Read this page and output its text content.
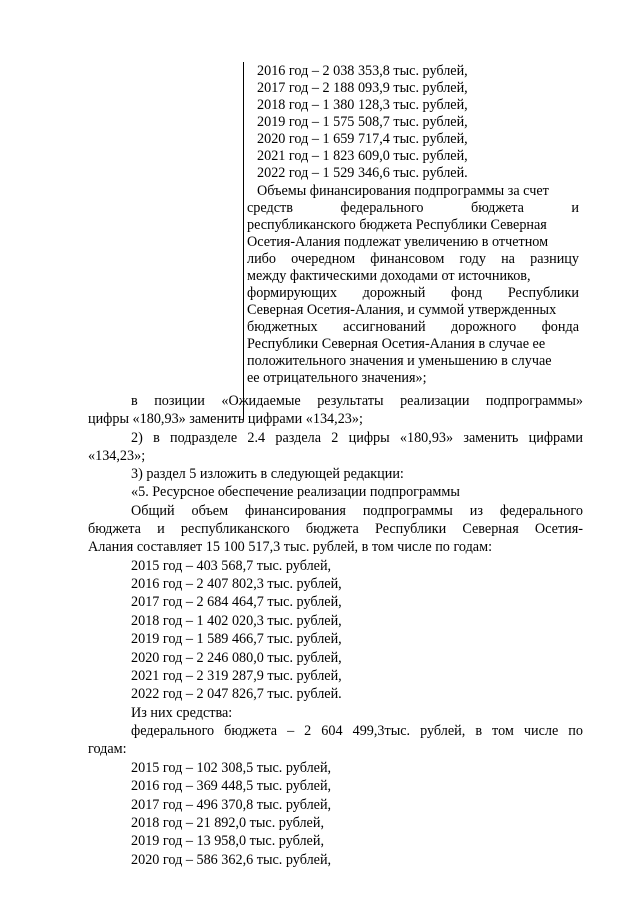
2016 год – 2 038 353,8 тыс. рублей,
2017 год – 2 188 093,9 тыс. рублей,
2018 год – 1 380 128,3 тыс. рублей,
2019 год – 1 575 508,7 тыс. рублей,
2020 год – 1 659 717,4 тыс. рублей,
2021 год – 1 823 609,0 тыс. рублей,
2022 год – 1 529 346,6 тыс. рублей.
Объемы финансирования подпрограммы за счет
средств федерального бюджета и
республиканского бюджета Республики Северная
Осетия-Алания подлежат увеличению в отчетном
либо очередном финансовом году на разницу
между фактическими доходами от источников,
формирующих дорожный фонд Республики
Северная Осетия-Алания, и суммой утвержденных
бюджетных ассигнований дорожного фонда
Республики Северная Осетия-Алания в случае ее
положительного значения и уменьшению в случае
ее отрицательного значения»;
в позиции «Ожидаемые результаты реализации подпрограммы»
цифры «180,93» заменить цифрами «134,23»;
2) в подразделе 2.4 раздела 2 цифры «180,93» заменить цифрами
«134,23»;
3) раздел 5 изложить в следующей редакции:
«5. Ресурсное обеспечение реализации подпрограммы
Общий объем финансирования подпрограммы из федерального
бюджета и республиканского бюджета Республики Северная Осетия-
Алания составляет 15 100 517,3 тыс. рублей, в том числе по годам:
2015 год – 403 568,7 тыс. рублей,
2016 год – 2 407 802,3 тыс. рублей,
2017 год – 2 684 464,7 тыс. рублей,
2018 год – 1 402 020,3 тыс. рублей,
2019 год – 1 589 466,7 тыс. рублей,
2020 год – 2 246 080,0 тыс. рублей,
2021 год – 2 319 287,9 тыс. рублей,
2022 год – 2 047 826,7 тыс. рублей.
Из них средства:
федерального бюджета – 2 604 499,3тыс. рублей, в том числе по
годам:
2015 год – 102 308,5 тыс. рублей,
2016 год – 369 448,5 тыс. рублей,
2017 год – 496 370,8 тыс. рублей,
2018 год – 21 892,0 тыс. рублей,
2019 год – 13 958,0 тыс. рублей,
2020 год – 586 362,6 тыс. рублей,
